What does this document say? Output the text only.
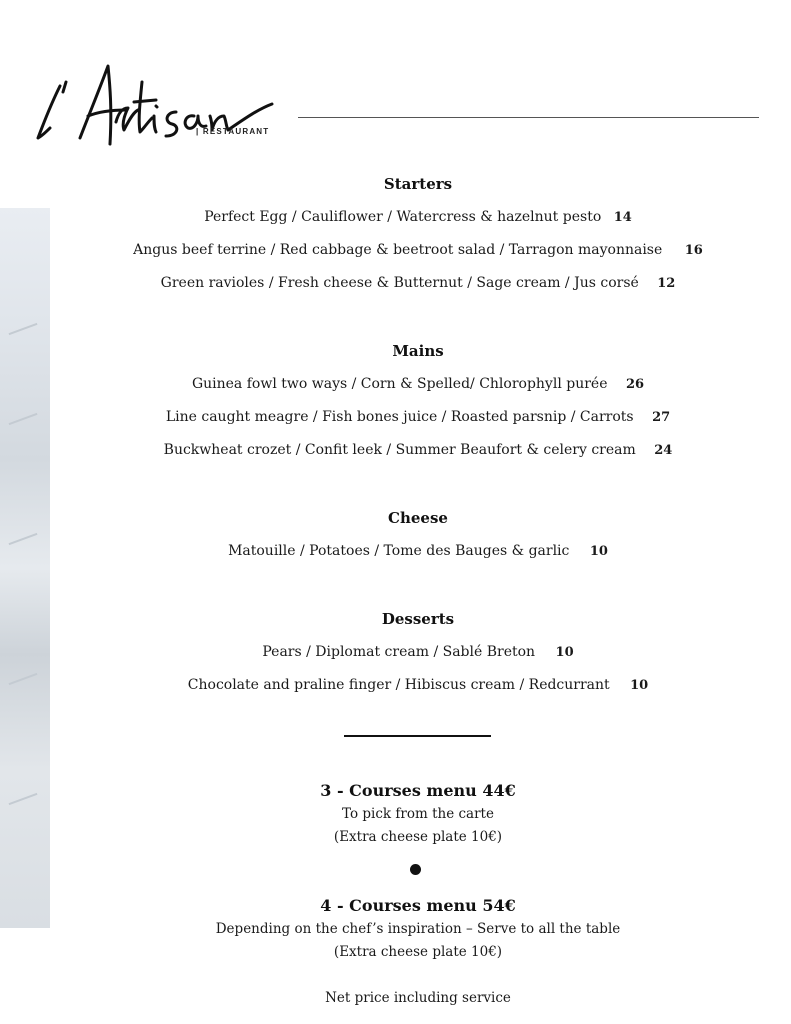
| RESTAURANT
Starters
Perfect Egg / Cauliflower / Watercress & hazelnut pesto 14
Angus beef terrine / Red cabbage & beetroot salad / Tarragon mayonnaise 16
Green ravioles / Fresh cheese & Butternut / Sage cream / Jus corsé 12
Mains
Guinea fowl two ways / Corn & Spelled/ Chlorophyll purée 26
Line caught meagre / Fish bones juice / Roasted parsnip / Carrots 27
Buckwheat crozet / Confit leek / Summer Beaufort & celery cream 24
Cheese
Matouille / Potatoes / Tome des Bauges & garlic 10
Desserts
Pears / Diplomat cream / Sablé Breton 10
Chocolate and praline finger / Hibiscus cream / Redcurrant 10
3 - Courses menu 44€
To pick from the carte
(Extra cheese plate 10€)
4 - Courses menu 54€
Depending on the chef’s inspiration – Serve to all the table
(Extra cheese plate 10€)
Net price including service
